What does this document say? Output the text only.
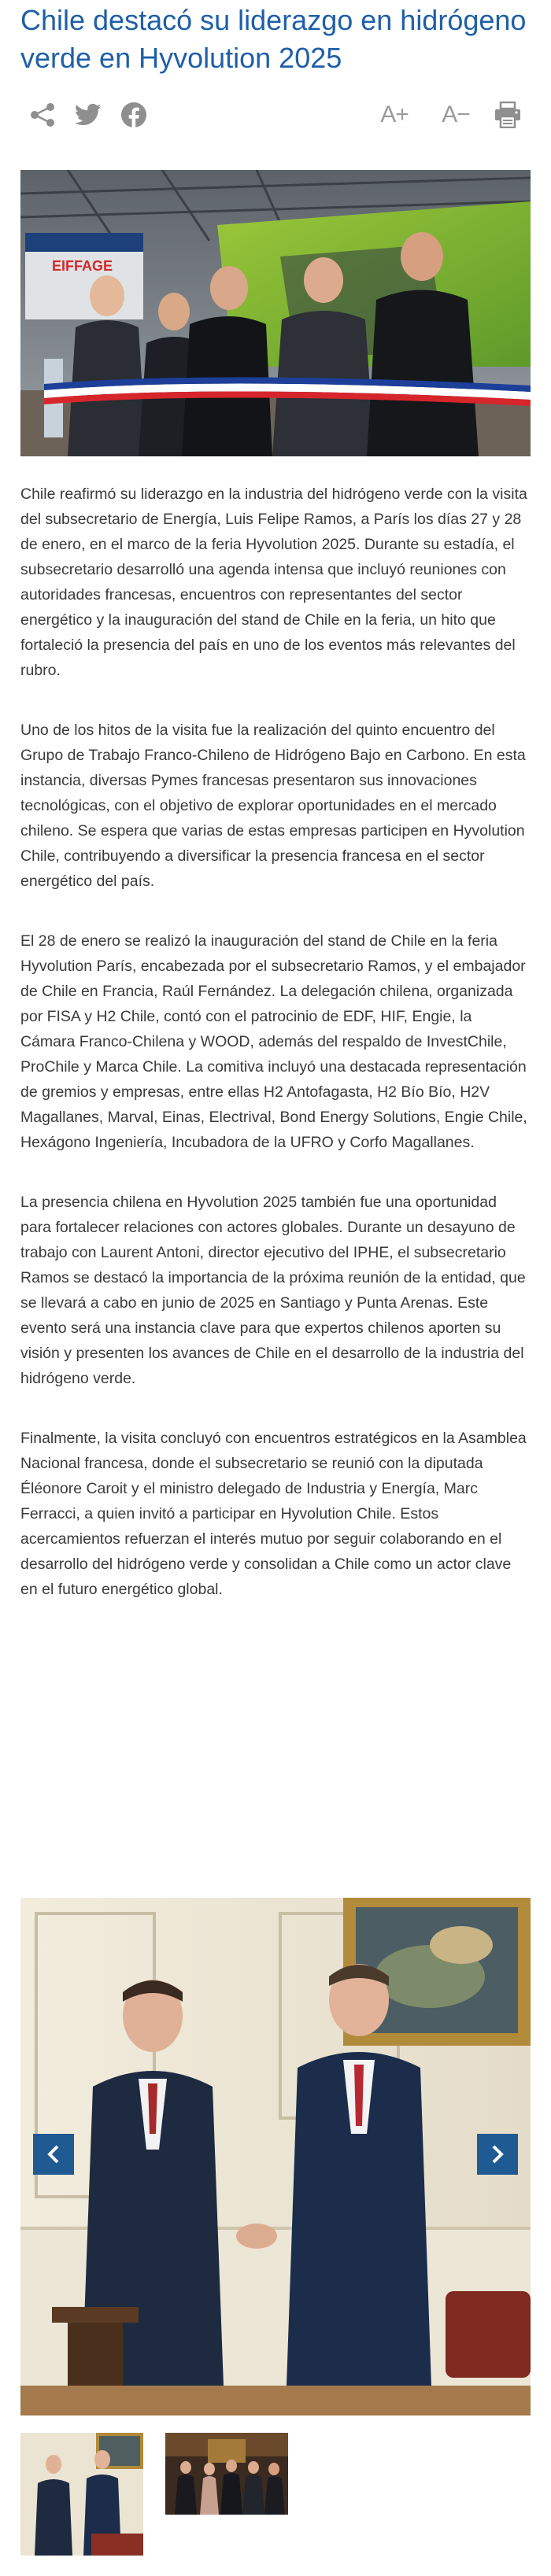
Chile destacó su liderazgo en hidrógeno verde en Hyvolution 2025
A+	A−
EIFFAGE

Chile reafirmó su liderazgo en la industria del hidrógeno verde con la visita del subsecretario de Energía, Luis Felipe Ramos, a París los días 27 y 28 de enero, en el marco de la feria Hyvolution 2025. Durante su estadía, el subsecretario desarrolló una agenda intensa que incluyó reuniones con autoridades francesas, encuentros con representantes del sector energético y la inauguración del stand de Chile en la feria, un hito que fortaleció la presencia del país en uno de los eventos más relevantes del rubro.

Uno de los hitos de la visita fue la realización del quinto encuentro del Grupo de Trabajo Franco-Chileno de Hidrógeno Bajo en Carbono. En esta instancia, diversas Pymes francesas presentaron sus innovaciones tecnológicas, con el objetivo de explorar oportunidades en el mercado chileno. Se espera que varias de estas empresas participen en Hyvolution Chile, contribuyendo a diversificar la presencia francesa en el sector energético del país.

El 28 de enero se realizó la inauguración del stand de Chile en la feria Hyvolution París, encabezada por el subsecretario Ramos, y el embajador de Chile en Francia, Raúl Fernández. La delegación chilena, organizada por FISA y H2 Chile, contó con el patrocinio de EDF, HIF, Engie, la Cámara Franco-Chilena y WOOD, además del respaldo de InvestChile, ProChile y Marca Chile. La comitiva incluyó una destacada representación de gremios y empresas, entre ellas H2 Antofagasta, H2 Bío Bío, H2V Magallanes, Marval, Einas, Electrival, Bond Energy Solutions, Engie Chile, Hexágono Ingeniería, Incubadora de la UFRO y Corfo Magallanes.

La presencia chilena en Hyvolution 2025 también fue una oportunidad para fortalecer relaciones con actores globales. Durante un desayuno de trabajo con Laurent Antoni, director ejecutivo del IPHE, el subsecretario Ramos se destacó la importancia de la próxima reunión de la entidad, que se llevará a cabo en junio de 2025 en Santiago y Punta Arenas. Este evento será una instancia clave para que expertos chilenos aporten su visión y presenten los avances de Chile en el desarrollo de la industria del hidrógeno verde.

Finalmente, la visita concluyó con encuentros estratégicos en la Asamblea Nacional francesa, donde el subsecretario se reunió con la diputada Éléonore Caroit y el ministro delegado de Industria y Energía, Marc Ferracci, a quien invitó a participar en Hyvolution Chile. Estos acercamientos refuerzan el interés mutuo por seguir colaborando en el desarrollo del hidrógeno verde y consolidan a Chile como un actor clave en el futuro energético global.
